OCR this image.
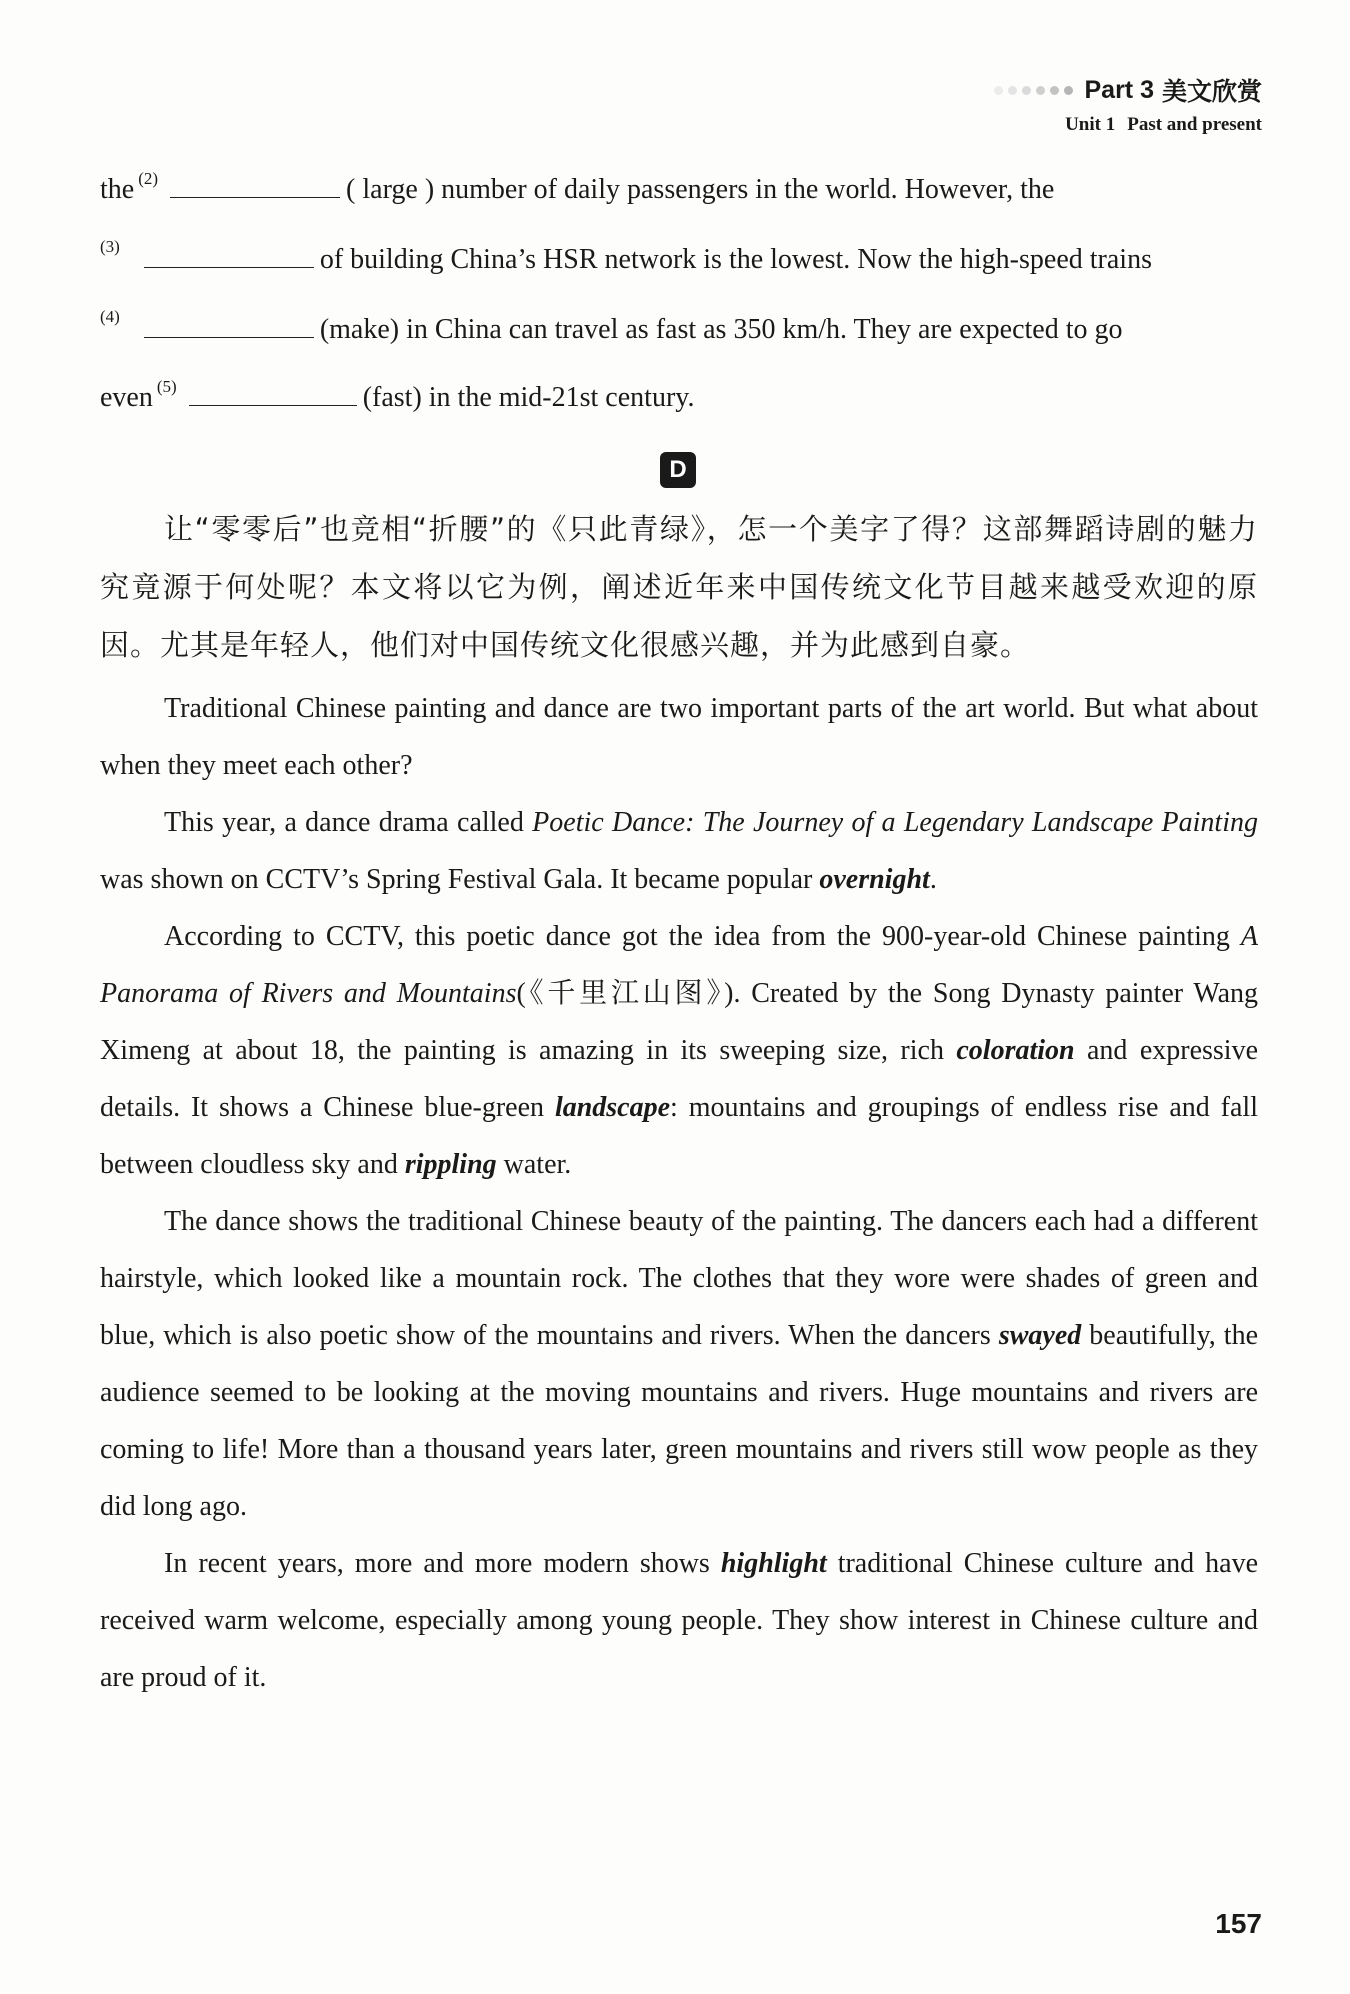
Part 3 美文欣赏
Unit 1 Past and present
the $^{(2)}$	( large ) number of daily passengers in the world. However, the
$^{(3)}$	of building China’s HSR network is the lowest. Now the high-speed trains
$^{(4)}$	(make) in China can travel as fast as 350 km/h. They are expected to go
even $^{(5)}$	(fast) in the mid-21st century.
D
让“零零后”也竞相“折腰”的《只此青绿》，怎一个美字了得？这部舞蹈诗剧的魅力究竟源于何处呢？本文将以它为例，阐述近年来中国传统文化节目越来越受欢迎的原因。尤其是年轻人，他们对中国传统文化很感兴趣，并为此感到自豪。

Traditional Chinese painting and dance are two important parts of the art world. But what about when they meet each other?

This year, a dance drama called Poetic Dance: The Journey of a Legendary Landscape Painting was shown on CCTV’s Spring Festival Gala. It became popular overnight.

According to CCTV, this poetic dance got the idea from the 900-year-old Chinese painting A Panorama of Rivers and Mountains(《千里江山图》). Created by the Song Dynasty painter Wang Ximeng at about 18, the painting is amazing in its sweeping size, rich coloration and expressive details. It shows a Chinese blue-green landscape: mountains and groupings of endless rise and fall between cloudless sky and rippling water.

The dance shows the traditional Chinese beauty of the painting. The dancers each had a different hairstyle, which looked like a mountain rock. The clothes that they wore were shades of green and blue, which is also poetic show of the mountains and rivers. When the dancers swayed beautifully, the audience seemed to be looking at the moving mountains and rivers. Huge mountains and rivers are coming to life! More than a thousand years later, green mountains and rivers still wow people as they did long ago.

In recent years, more and more modern shows highlight traditional Chinese culture and have received warm welcome, especially among young people. They show interest in Chinese culture and are proud of it.

157
